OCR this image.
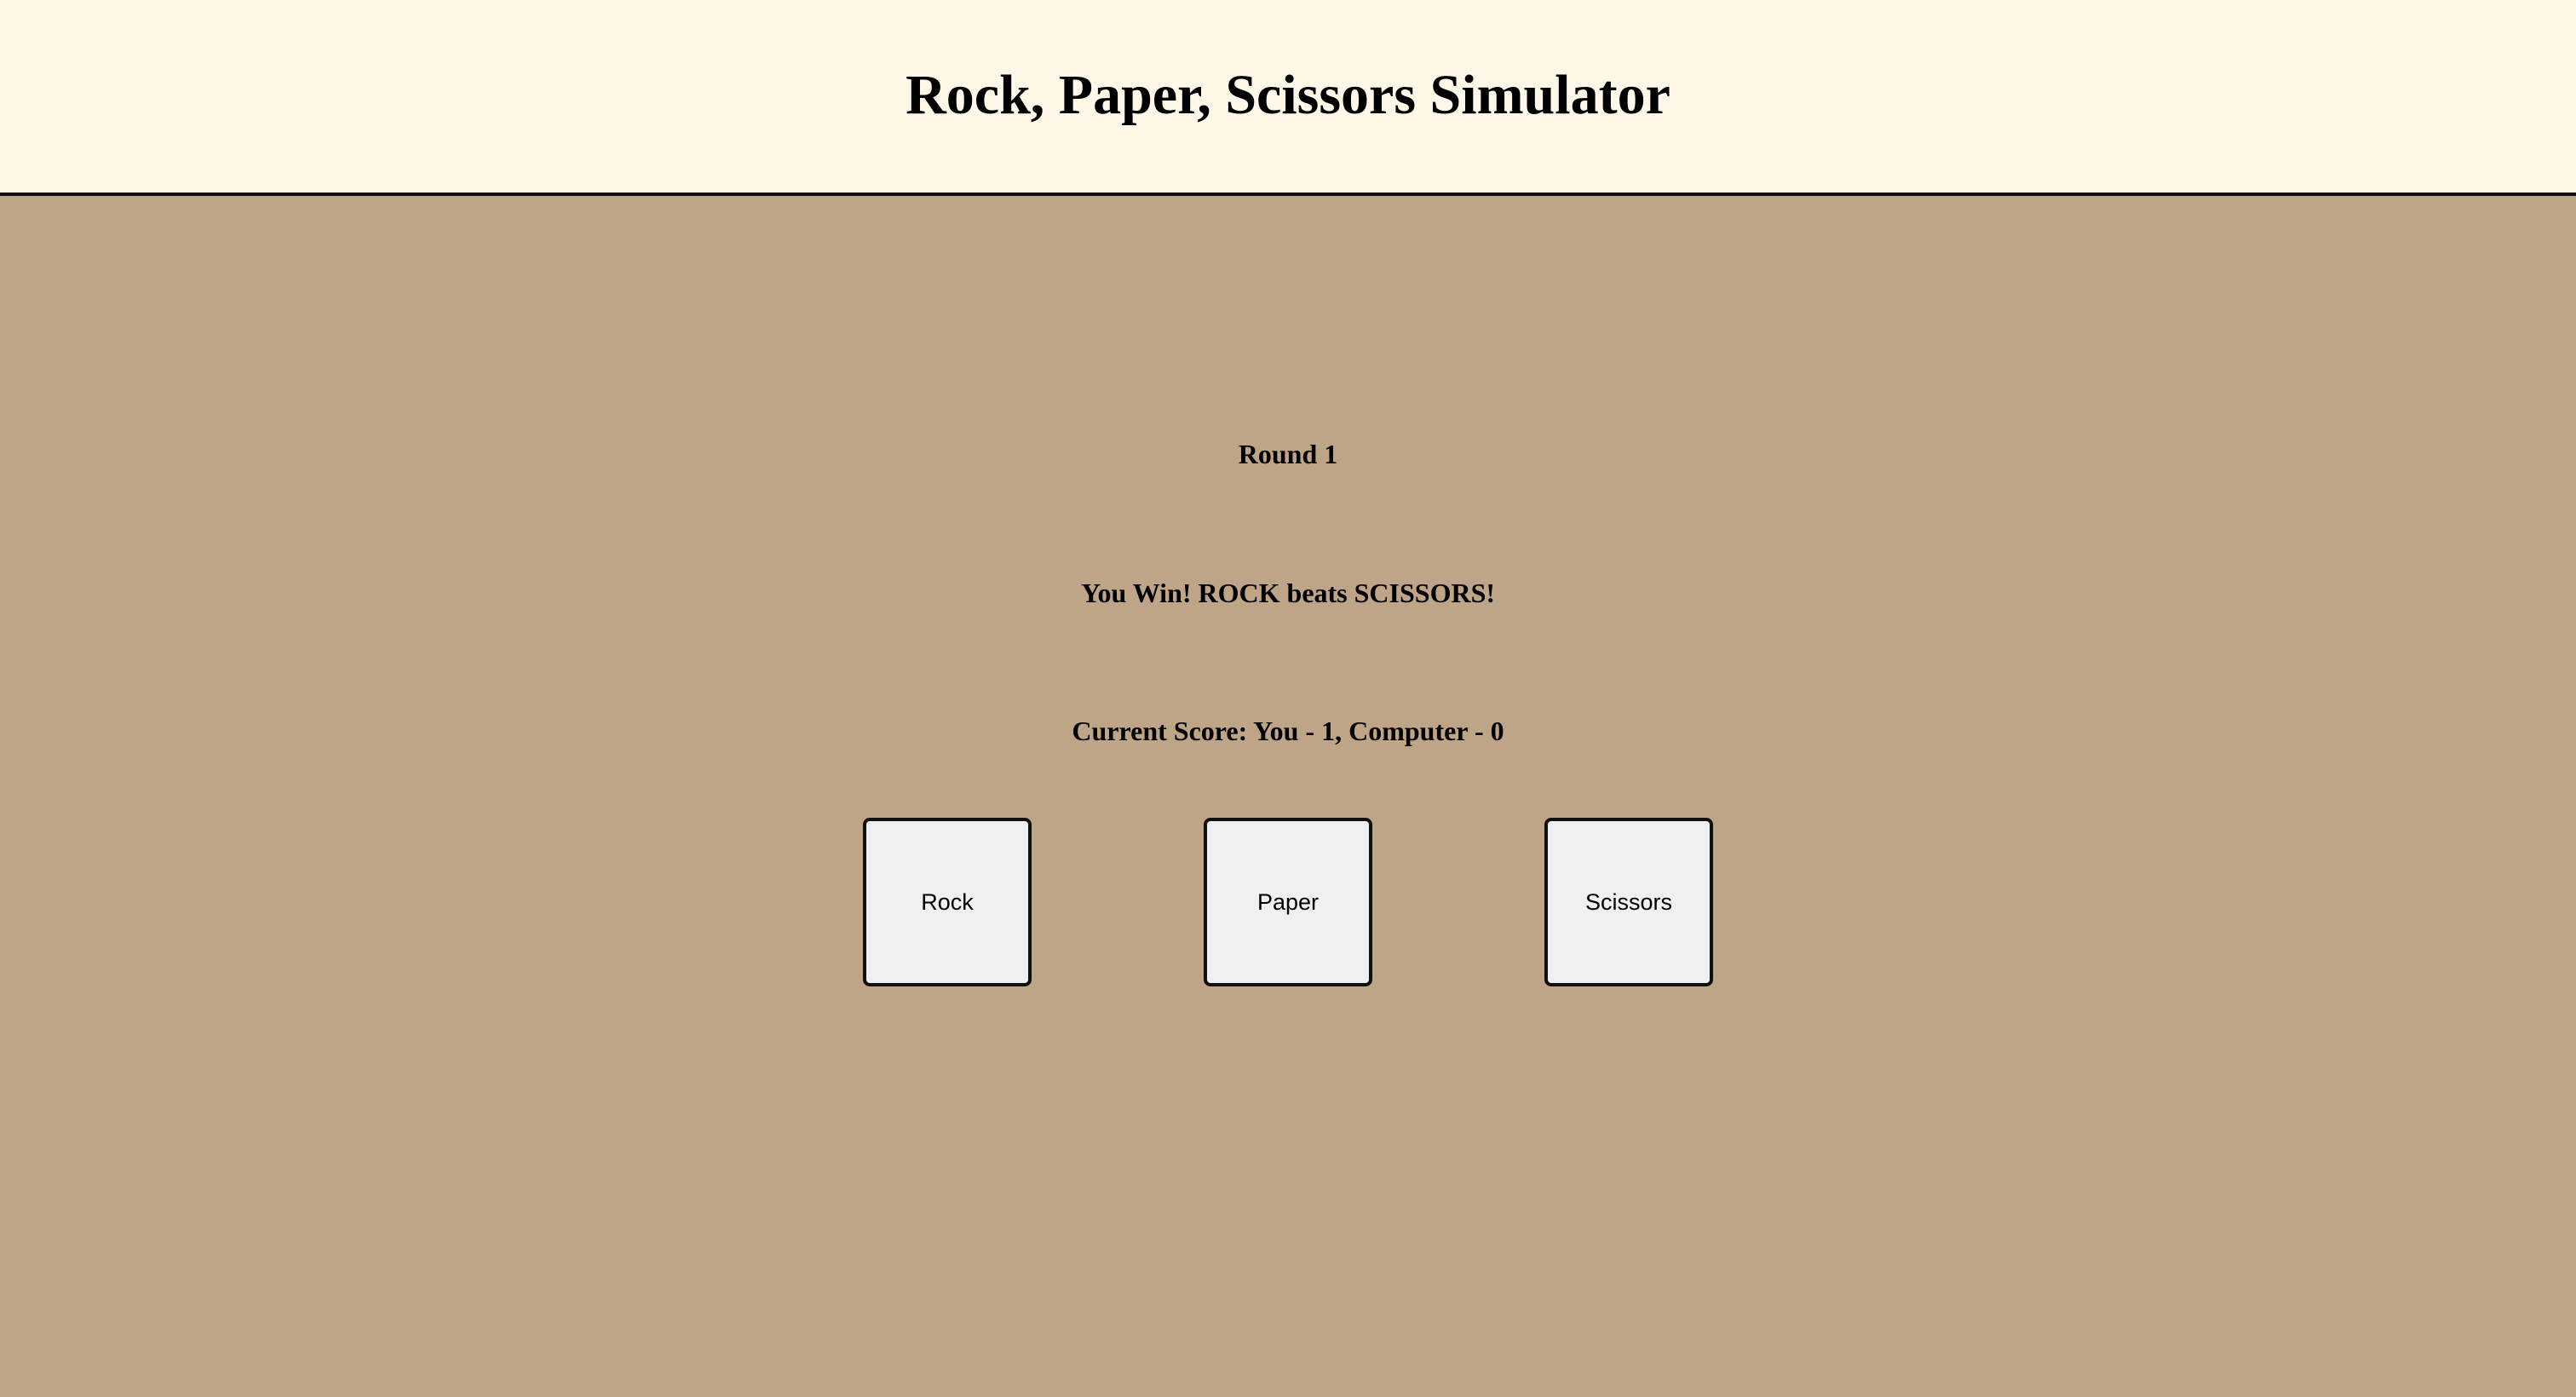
Rock, Paper, Scissors Simulator

Round 1

You Win! ROCK beats SCISSORS!

Current Score: You - 1, Computer - 0

Rock	Paper	Scissors
